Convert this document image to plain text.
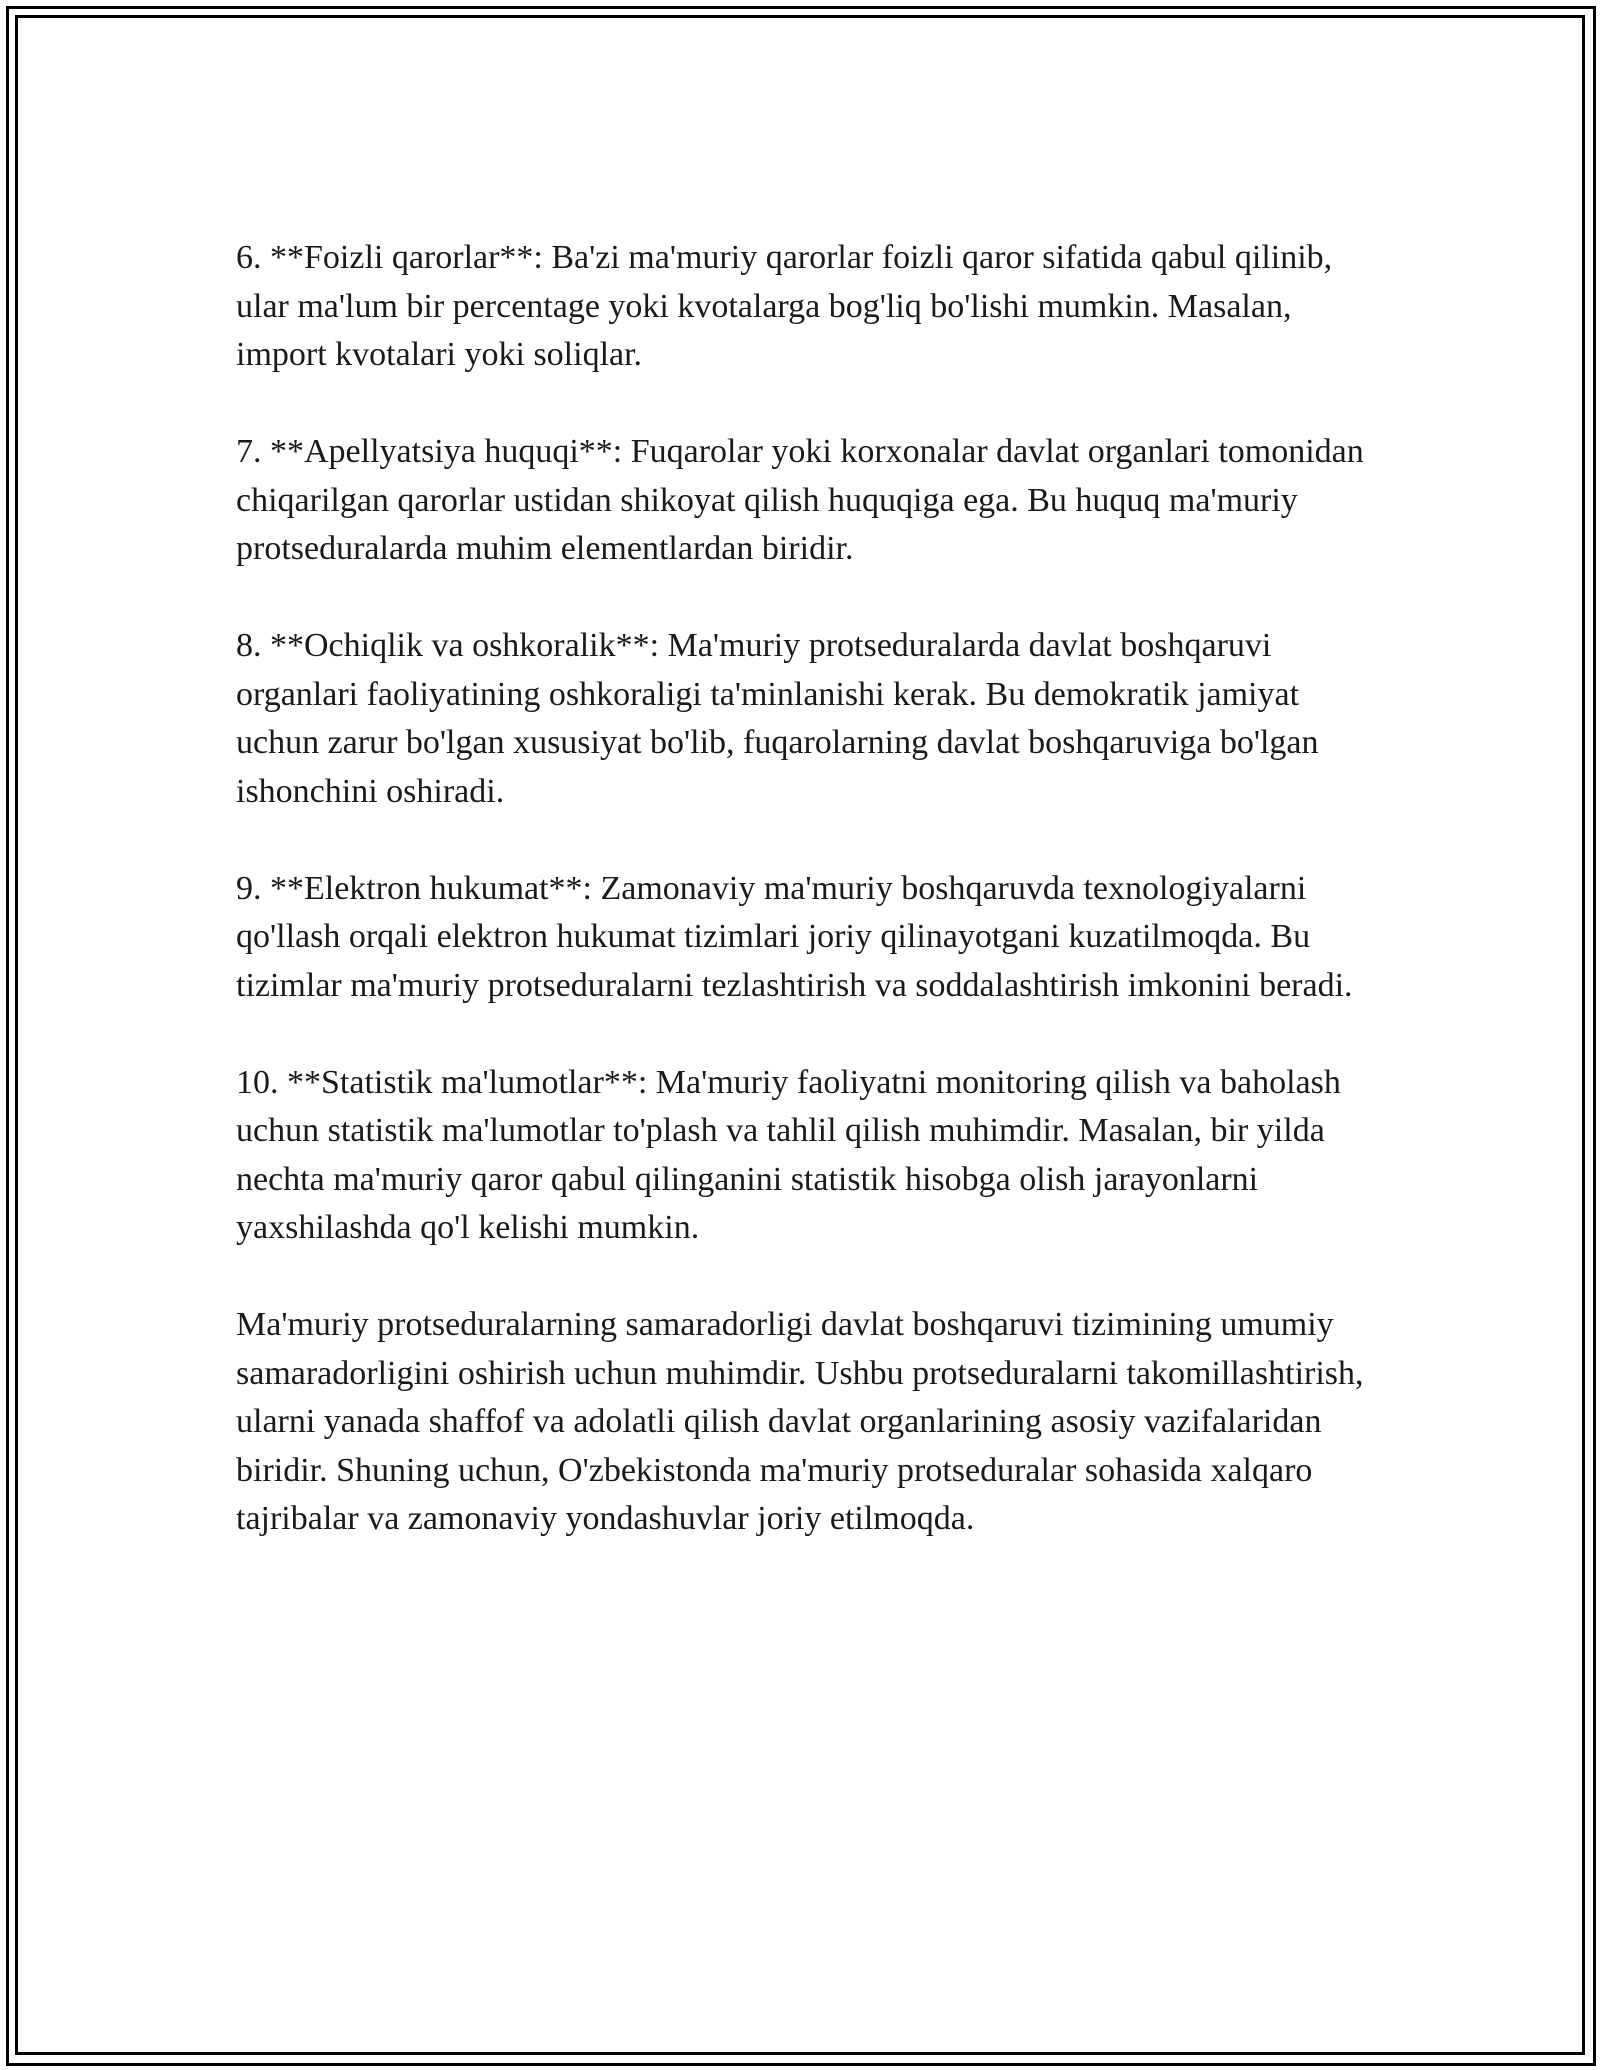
6. **Foizli qarorlar**: Ba'zi ma'muriy qarorlar foizli qaror sifatida qabul qilinib, ular ma'lum bir percentage yoki kvotalarga bog'liq bo'lishi mumkin. Masalan, import kvotalari yoki soliqlar.

7. **Apellyatsiya huquqi**: Fuqarolar yoki korxonalar davlat organlari tomonidan chiqarilgan qarorlar ustidan shikoyat qilish huquqiga ega. Bu huquq ma'muriy protseduralarda muhim elementlardan biridir.

8. **Ochiqlik va oshkoralik**: Ma'muriy protseduralarda davlat boshqaruvi organlari faoliyatining oshkoraligi ta'minlanishi kerak. Bu demokratik jamiyat uchun zarur bo'lgan xususiyat bo'lib, fuqarolarning davlat boshqaruviga bo'lgan ishonchini oshiradi.

9. **Elektron hukumat**: Zamonaviy ma'muriy boshqaruvda texnologiyalarni qo'llash orqali elektron hukumat tizimlari joriy qilinayotgani kuzatilmoqda. Bu tizimlar ma'muriy protseduralarni tezlashtirish va soddalashtirish imkonini beradi.

10. **Statistik ma'lumotlar**: Ma'muriy faoliyatni monitoring qilish va baholash uchun statistik ma'lumotlar to'plash va tahlil qilish muhimdir. Masalan, bir yilda nechta ma'muriy qaror qabul qilinganini statistik hisobga olish jarayonlarni yaxshilashda qo'l kelishi mumkin.

Ma'muriy protseduralarning samaradorligi davlat boshqaruvi tizimining umumiy samaradorligini oshirish uchun muhimdir. Ushbu protseduralarni takomillashtirish, ularni yanada shaffof va adolatli qilish davlat organlarining asosiy vazifalaridan biridir. Shuning uchun, O'zbekistonda ma'muriy protseduralar sohasida xalqaro tajribalar va zamonaviy yondashuvlar joriy etilmoqda.
